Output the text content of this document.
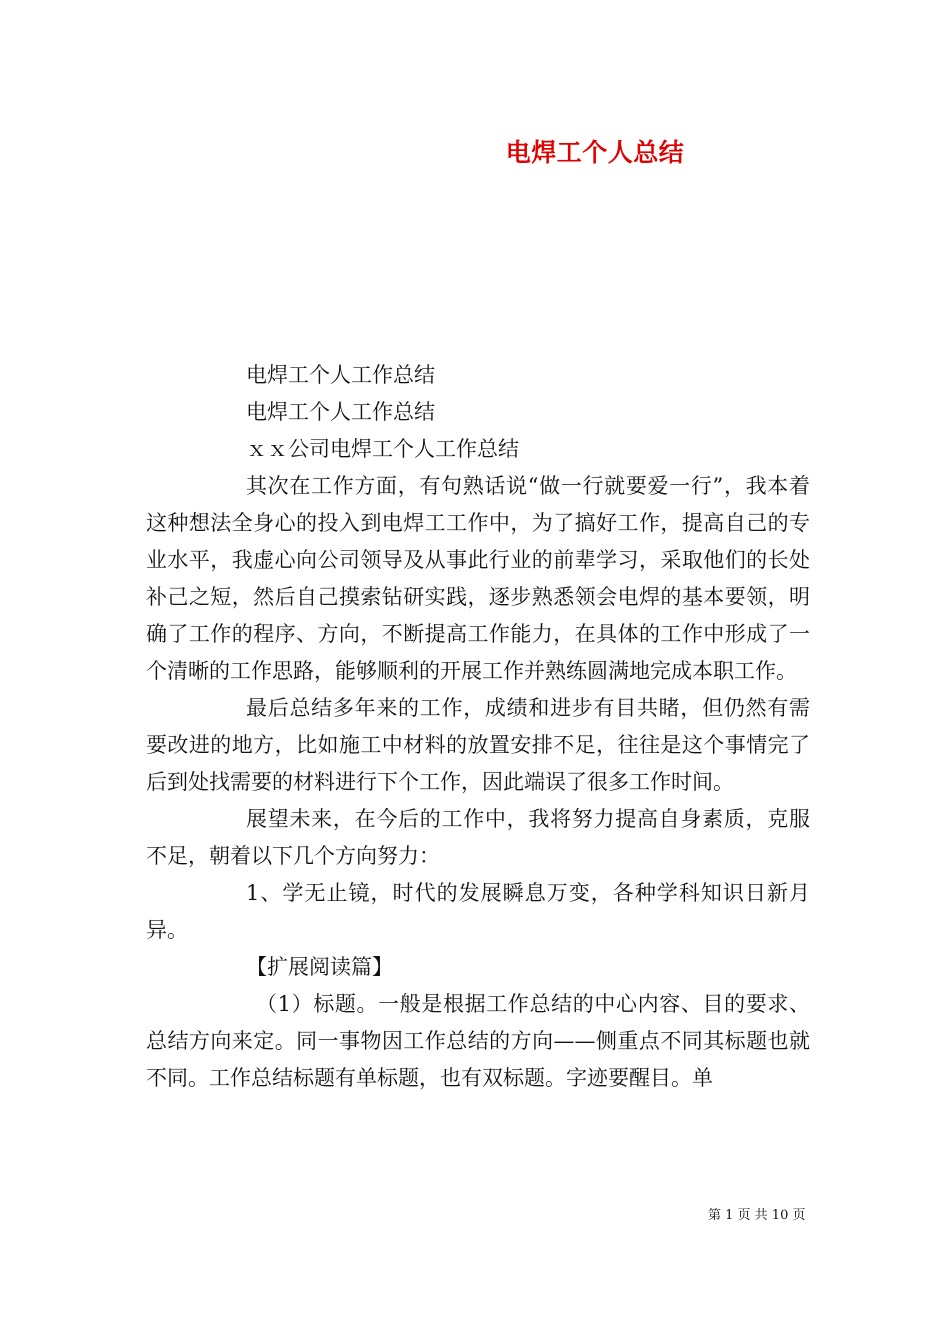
电焊工个人总结

电焊工个人工作总结

电焊工个人工作总结

ｘｘ公司电焊工个人工作总结

其次在工作方面，有句熟话说“做一行就要爱一行”，我本着这种想法全身心的投入到电焊工工作中，为了搞好工作，提高自己的专业水平，我虚心向公司领导及从事此行业的前辈学习，采取他们的长处补己之短，然后自己摸索钻研实践，逐步熟悉领会电焊的基本要领，明确了工作的程序、方向，不断提高工作能力，在具体的工作中形成了一个清晰的工作思路，能够顺利的开展工作并熟练圆满地完成本职工作。

最后总结多年来的工作，成绩和进步有目共睹，但仍然有需要改进的地方，比如施工中材料的放置安排不足，往往是这个事情完了后到处找需要的材料进行下个工作，因此端误了很多工作时间。

展望未来，在今后的工作中，我将努力提高自身素质，克服不足，朝着以下几个方向努力：

1、学无止镜，时代的发展瞬息万变，各种学科知识日新月异。

【扩展阅读篇】

（1）标题。一般是根据工作总结的中心内容、目的要求、总结方向来定。同一事物因工作总结的方向——侧重点不同其标题也就不同。工作总结标题有单标题，也有双标题。字迹要醒目。单

第 1 页 共 10 页
